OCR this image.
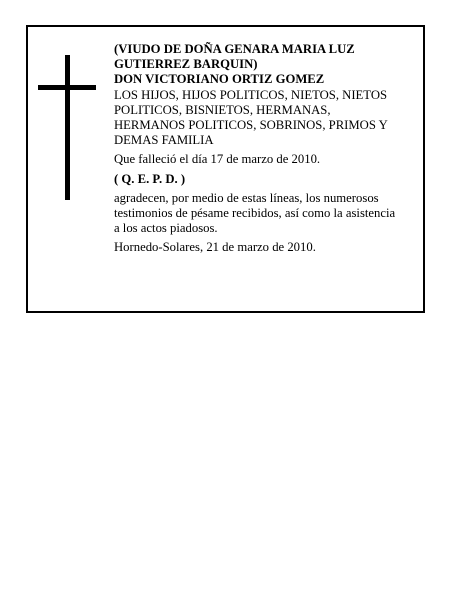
(VIUDO DE DOÑA GENARA MARIA LUZ
GUTIERREZ BARQUIN)
DON VICTORIANO ORTIZ GOMEZ
LOS HIJOS, HIJOS POLITICOS, NIETOS, NIETOS
POLITICOS, BISNIETOS, HERMANAS,
HERMANOS POLITICOS, SOBRINOS, PRIMOS Y
DEMAS FAMILIA
Que falleció el día 17 de marzo de 2010.
( Q. E. P. D. )
agradecen, por medio de estas líneas, los numerosos
testimonios de pésame recibidos, así como la asistencia
a los actos piadosos.
Hornedo-Solares, 21 de marzo de 2010.
